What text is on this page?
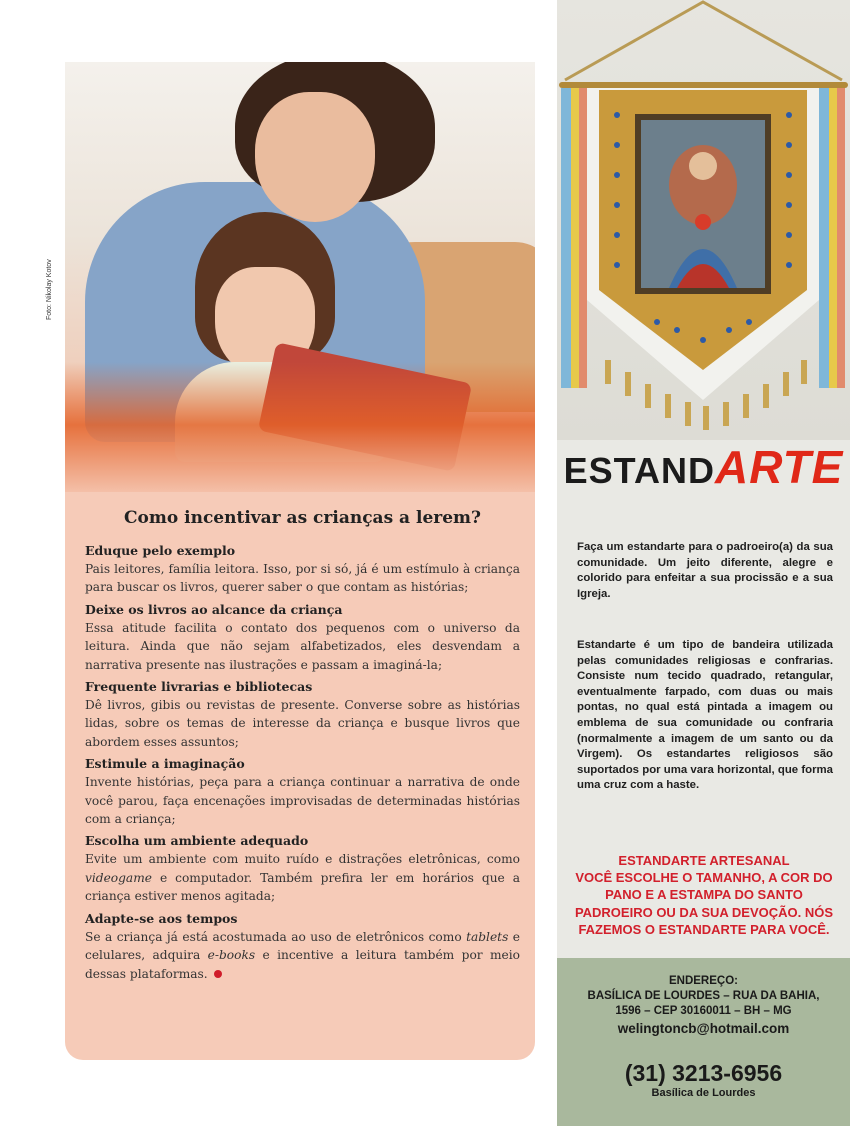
Foto: Nikolay Kotov
Como incentivar as crianças a lerem?
Eduque pelo exemplo

Pais leitores, família leitora. Isso, por si só, já é um estímulo à criança para buscar os livros, querer saber o que contam as histórias;

Deixe os livros ao alcance da criança

Essa atitude facilita o contato dos pequenos com o universo da leitura. Ainda que não sejam alfabetizados, eles desvendam a narrativa presente nas ilustrações e passam a imaginá-la;

Frequente livrarias e bibliotecas

Dê livros, gibis ou revistas de presente. Converse sobre as histórias lidas, sobre os temas de interesse da criança e busque livros que abordem esses assuntos;

Estimule a imaginação

Invente histórias, peça para a criança continuar a narrativa de onde você parou, faça encenações improvisadas de determinadas histórias com a criança;

Escolha um ambiente adequado

Evite um ambiente com muito ruído e distrações eletrônicas, como videogame e computador. Também prefira ler em horários que a criança estiver menos agitada;

Adapte-se aos tempos

Se a criança já está acostumada ao uso de eletrônicos como tablets e celulares, adquira e-books e incentive a leitura também por meio dessas plataformas.

ESTANDARTE
Faça um estandarte para o padroeiro(a) da sua comunidade. Um jeito diferente, alegre e colorido para enfeitar a sua procissão e a sua Igreja.
Estandarte é um tipo de bandeira utilizada pelas comunidades religiosas e confrarias. Consiste num tecido quadrado, retangular, eventualmente farpado, com duas ou mais pontas, no qual está pintada a imagem ou emblema de sua comunidade ou confraria (normalmente a imagem de um santo ou da Virgem). Os estandartes religiosos são suportados por uma vara horizontal, que forma uma cruz com a haste.
ESTANDARTE ARTESANAL
VOCÊ ESCOLHE O TAMANHO, A COR DO
PANO E A ESTAMPA DO SANTO
PADROEIRO OU DA SUA DEVOÇÃO. NÓS
FAZEMOS O ESTANDARTE PARA VOCÊ.
ENDEREÇO:
BASÍLICA DE LOURDES – RUA DA BAHIA,
1596 – CEP 30160011 – BH – MG
welingtoncb@hotmail.com
(31) 3213-6956
Basílica de Lourdes
